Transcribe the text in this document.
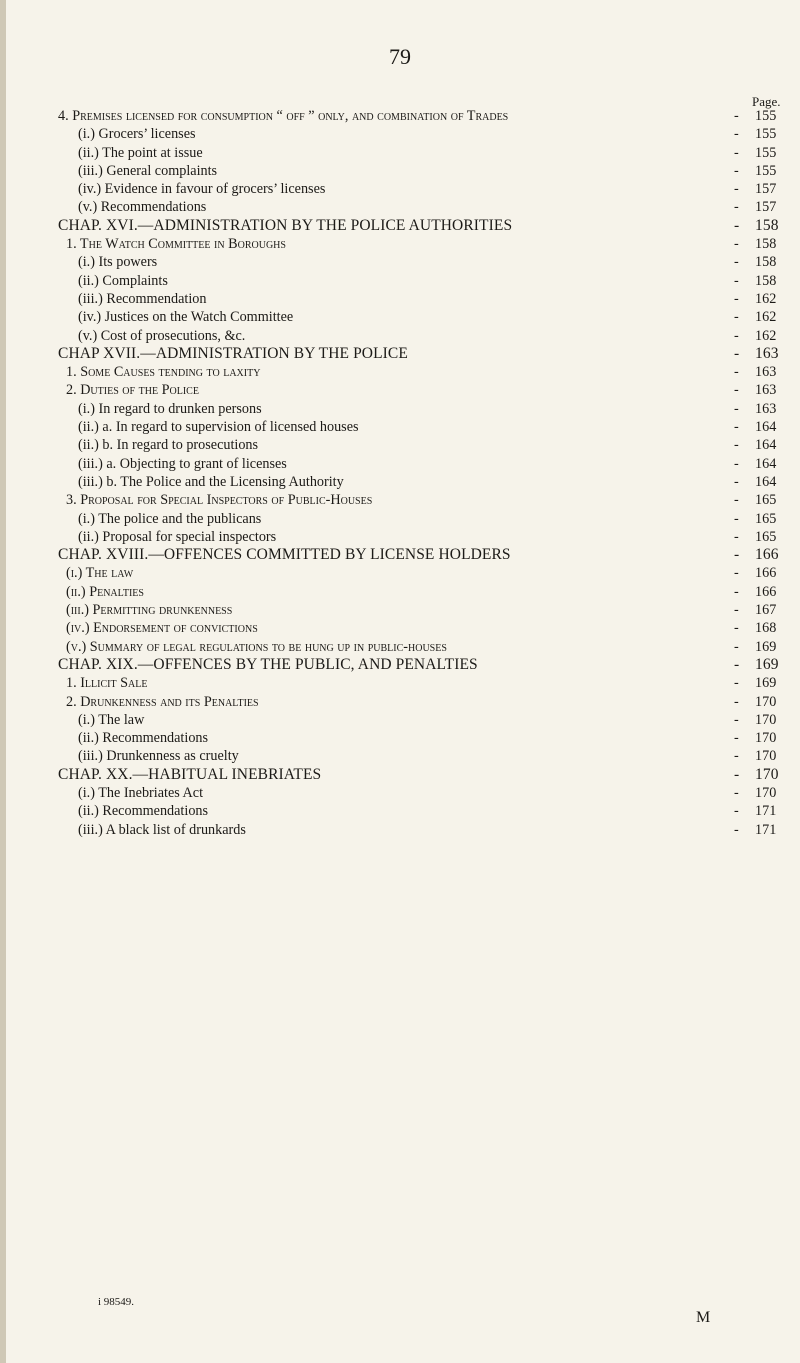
79
Page.
4. Premises licensed for consumption “ off ” only, and combination of Trades	- 155
(i.) Grocers’ licenses	- 155
(ii.) The point at issue	- 155
(iii.) General complaints	- 155
(iv.) Evidence in favour of grocers’ licenses	- 157
(v.) Recommendations	- 157
CHAP. XVI.—ADMINISTRATION BY THE POLICE AUTHORITIES	- 158
1. The Watch Committee in Boroughs	- 158
(i.) Its powers	- 158
(ii.) Complaints	- 158
(iii.) Recommendation	- 162
(iv.) Justices on the Watch Committee	- 162
(v.) Cost of prosecutions, &c.	- 162
CHAP XVII.—ADMINISTRATION BY THE POLICE	- 163
1. Some Causes tending to laxity	- 163
2. Duties of the Police	- 163
(i.) In regard to drunken persons	- 163
(ii.) a. In regard to supervision of licensed houses	- 164
(ii.) b. In regard to prosecutions	- 164
(iii.) a. Objecting to grant of licenses	- 164
(iii.) b. The Police and the Licensing Authority	- 164
3. Proposal for Special Inspectors of Public-Houses	- 165
(i.) The police and the publicans	- 165
(ii.) Proposal for special inspectors	- 165
CHAP. XVIII.—OFFENCES COMMITTED BY LICENSE HOLDERS	- 166
(i.) The law	- 166
(ii.) Penalties	- 166
(iii.) Permitting drunkenness	- 167
(iv.) Endorsement of convictions	- 168
(v.) Summary of legal regulations to be hung up in public-houses	- 169
CHAP. XIX.—OFFENCES BY THE PUBLIC, AND PENALTIES	- 169
1. Illicit Sale	- 169
2. Drunkenness and its Penalties	- 170
(i.) The law	- 170
(ii.) Recommendations	- 170
(iii.) Drunkenness as cruelty	- 170
CHAP. XX.—HABITUAL INEBRIATES	- 170
(i.) The Inebriates Act	- 170
(ii.) Recommendations	- 171
(iii.) A black list of drunkards	- 171
i 98549.
M
